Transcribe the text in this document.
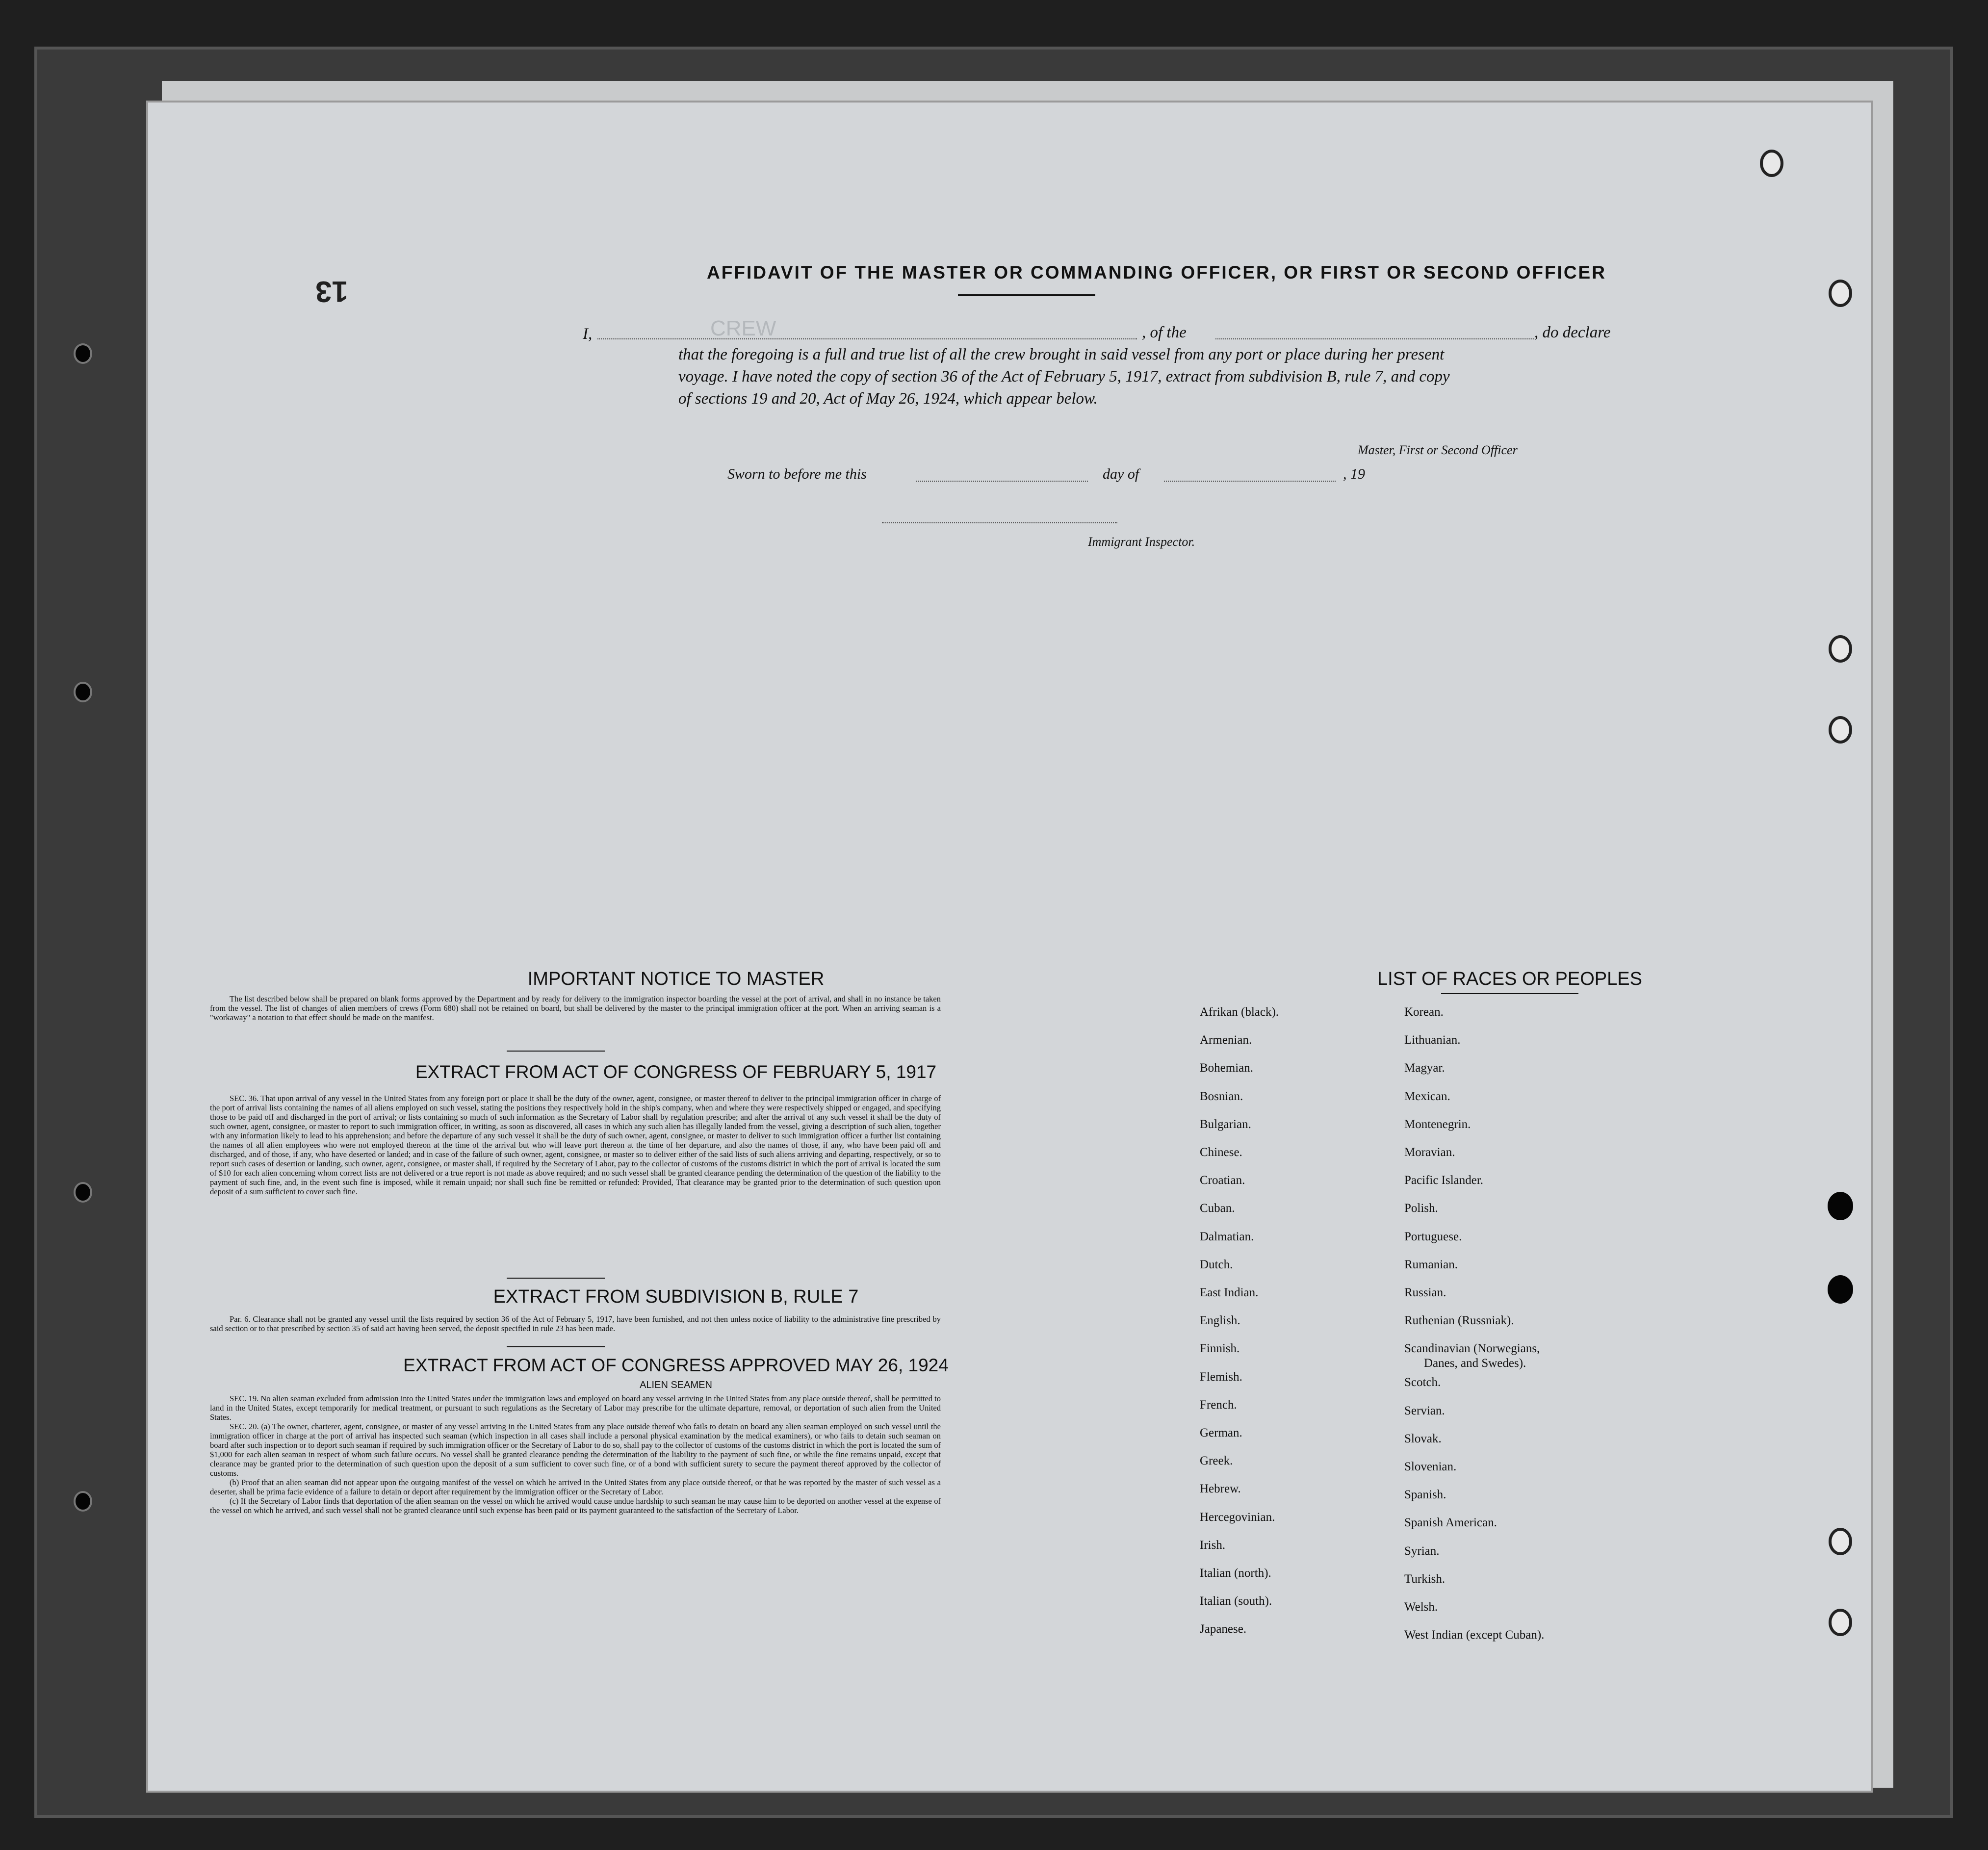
CREW
AFFIDAVIT OF THE MASTER OR COMMANDING OFFICER, OR FIRST OR SECOND OFFICER
13
I,	, of the	, do declare
that the foregoing is a full and true list of all the crew brought in said vessel from any port or place during her present
voyage. I have noted the copy of section 36 of the Act of February 5, 1917, extract from subdivision B, rule 7, and copy
of sections 19 and 20, Act of May 26, 1924, which appear below.
Master, First or Second Officer
Sworn to before me this	day of	, 19
Immigrant Inspector.
IMPORTANT NOTICE TO MASTER

The list described below shall be prepared on blank forms approved by the Department and by ready for delivery to the immigration inspector boarding the vessel at the port of arrival, and shall in no instance be taken from the vessel. The list of changes of alien members of crews (Form 680) shall not be retained on board, but shall be delivered by the master to the principal immigration officer at the port. When an arriving seaman is a "workaway" a notation to that effect should be made on the manifest.

EXTRACT FROM ACT OF CONGRESS OF FEBRUARY 5, 1917

SEC. 36. That upon arrival of any vessel in the United States from any foreign port or place it shall be the duty of the owner, agent, consignee, or master thereof to deliver to the principal immigration officer in charge of the port of arrival lists containing the names of all aliens employed on such vessel, stating the positions they respectively hold in the ship's company, when and where they were respectively shipped or engaged, and specifying those to be paid off and discharged in the port of arrival; or lists containing so much of such information as the Secretary of Labor shall by regulation prescribe; and after the arrival of any such vessel it shall be the duty of such owner, agent, consignee, or master to report to such immigration officer, in writing, as soon as discovered, all cases in which any such alien has illegally landed from the vessel, giving a description of such alien, together with any information likely to lead to his apprehension; and before the departure of any such vessel it shall be the duty of such owner, agent, consignee, or master to deliver to such immigration officer a further list containing the names of all alien employees who were not employed thereon at the time of the arrival but who will leave port thereon at the time of her departure, and also the names of those, if any, who have been paid off and discharged, and of those, if any, who have deserted or landed; and in case of the failure of such owner, agent, consignee, or master so to deliver either of the said lists of such aliens arriving and departing, respectively, or so to report such cases of desertion or landing, such owner, agent, consignee, or master shall, if required by the Secretary of Labor, pay to the collector of customs of the customs district in which the port of arrival is located the sum of $10 for each alien concerning whom correct lists are not delivered or a true report is not made as above required; and no such vessel shall be granted clearance pending the determination of the question of the liability to the payment of such fine, and, in the event such fine is imposed, while it remain unpaid; nor shall such fine be remitted or refunded: Provided, That clearance may be granted prior to the determination of such question upon deposit of a sum sufficient to cover such fine.

EXTRACT FROM SUBDIVISION B, RULE 7

Par. 6. Clearance shall not be granted any vessel until the lists required by section 36 of the Act of February 5, 1917, have been furnished, and not then unless notice of liability to the administrative fine prescribed by said section or to that prescribed by section 35 of said act having been served, the deposit specified in rule 23 has been made.

EXTRACT FROM ACT OF CONGRESS APPROVED MAY 26, 1924
ALIEN SEAMEN

SEC. 19. No alien seaman excluded from admission into the United States under the immigration laws and employed on board any vessel arriving in the United States from any place outside thereof, shall be permitted to land in the United States, except temporarily for medical treatment, or pursuant to such regulations as the Secretary of Labor may prescribe for the ultimate departure, removal, or deportation of such alien from the United States.

SEC. 20. (a) The owner, charterer, agent, consignee, or master of any vessel arriving in the United States from any place outside thereof who fails to detain on board any alien seaman employed on such vessel until the immigration officer in charge at the port of arrival has inspected such seaman (which inspection in all cases shall include a personal physical examination by the medical examiners), or who fails to detain such seaman on board after such inspection or to deport such seaman if required by such immigration officer or the Secretary of Labor to do so, shall pay to the collector of customs of the customs district in which the port is located the sum of $1,000 for each alien seaman in respect of whom such failure occurs. No vessel shall be granted clearance pending the determination of the liability to the payment of such fine, or while the fine remains unpaid, except that clearance may be granted prior to the determination of such question upon the deposit of a sum sufficient to cover such fine, or of a bond with sufficient surety to secure the payment thereof approved by the collector of customs.

(b) Proof that an alien seaman did not appear upon the outgoing manifest of the vessel on which he arrived in the United States from any place outside thereof, or that he was reported by the master of such vessel as a deserter, shall be prima facie evidence of a failure to detain or deport after requirement by the immigration officer or the Secretary of Labor.

(c) If the Secretary of Labor finds that deportation of the alien seaman on the vessel on which he arrived would cause undue hardship to such seaman he may cause him to be deported on another vessel at the expense of the vessel on which he arrived, and such vessel shall not be granted clearance until such expense has been paid or its payment guaranteed to the satisfaction of the Secretary of Labor.

LIST OF RACES OR PEOPLES
Afrikan (black).
Armenian.
Bohemian.
Bosnian.
Bulgarian.
Chinese.
Croatian.
Cuban.
Dalmatian.
Dutch.
East Indian.
English.
Finnish.
Flemish.
French.
German.
Greek.
Hebrew.
Hercegovinian.
Irish.
Italian (north).
Italian (south).
Japanese.
Korean.
Lithuanian.
Magyar.
Mexican.
Montenegrin.
Moravian.
Pacific Islander.
Polish.
Portuguese.
Rumanian.
Russian.
Ruthenian (Russniak).
Scandinavian (Norwegians,
Danes, and Swedes).
Scotch.
Servian.
Slovak.
Slovenian.
Spanish.
Spanish American.
Syrian.
Turkish.
Welsh.
West Indian (except Cuban).
